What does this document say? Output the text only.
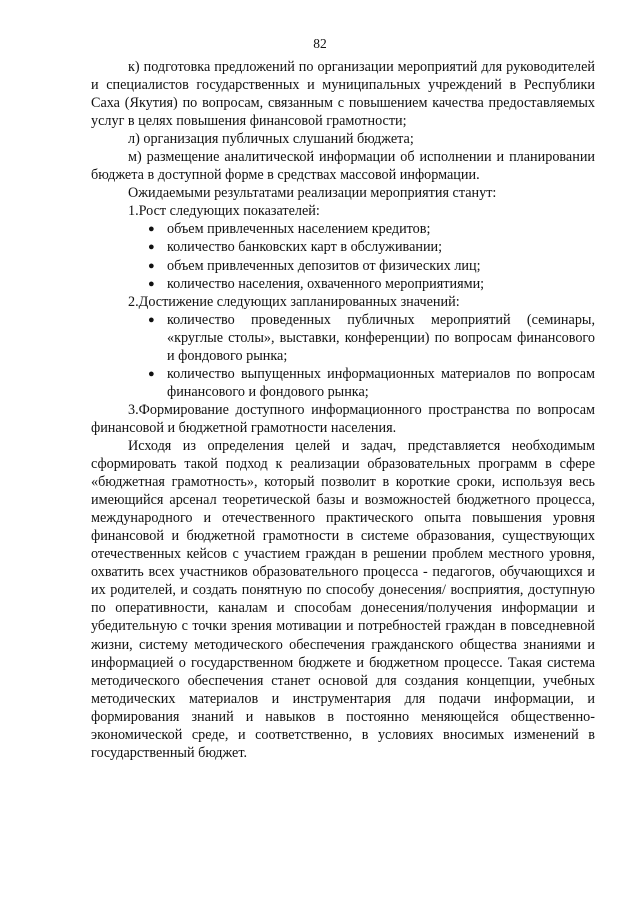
82

к) подготовка предложений по организации мероприятий для руководителей и специалистов государственных и муниципальных учреждений в Республики Саха (Якутия) по вопросам, связанным с повышением качества предоставляемых услуг в целях повышения финансовой грамотности;

л) организация публичных слушаний бюджета;

м) размещение аналитической информации об исполнении и планировании бюджета в доступной форме в средствах массовой информации.

Ожидаемыми результатами реализации мероприятия станут:

1.Рост следующих показателей:

● объем привлеченных населением кредитов;
● количество банковских карт в обслуживании;
● объем привлеченных депозитов от физических лиц;
● количество населения, охваченного мероприятиями;

2.Достижение следующих запланированных значений:

● количество проведенных публичных мероприятий (семинары, «круглые столы», выставки, конференции) по вопросам финансового и фондового рынка;
● количество выпущенных информационных материалов по вопросам финансового и фондового рынка;

3.Формирование доступного информационного пространства по вопросам финансовой и бюджетной грамотности населения.

Исходя из определения целей и задач, представляется необходимым сформировать такой подход к реализации образовательных программ в сфере «бюджетная грамотность», который позволит в короткие сроки, используя весь имеющийся арсенал теоретической базы и возможностей бюджетного процесса, международного и отечественного практического опыта повышения уровня финансовой и бюджетной грамотности в системе образования, существующих отечественных кейсов с участием граждан в решении проблем местного уровня, охватить всех участников образовательного процесса - педагогов, обучающихся и их родителей, и создать понятную по способу донесения/ восприятия, доступную по оперативности, каналам и способам донесения/получения информации и убедительную с точки зрения мотивации и потребностей граждан в повседневной жизни, систему методического обеспечения гражданского общества знаниями и информацией о государственном бюджете и бюджетном процессе. Такая система методического обеспечения станет основой для создания концепции, учебных методических материалов и инструментария для подачи информации, и формирования знаний и навыков в постоянно меняющейся общественно-экономической среде, и соответственно, в условиях вносимых изменений в государственный бюджет.
